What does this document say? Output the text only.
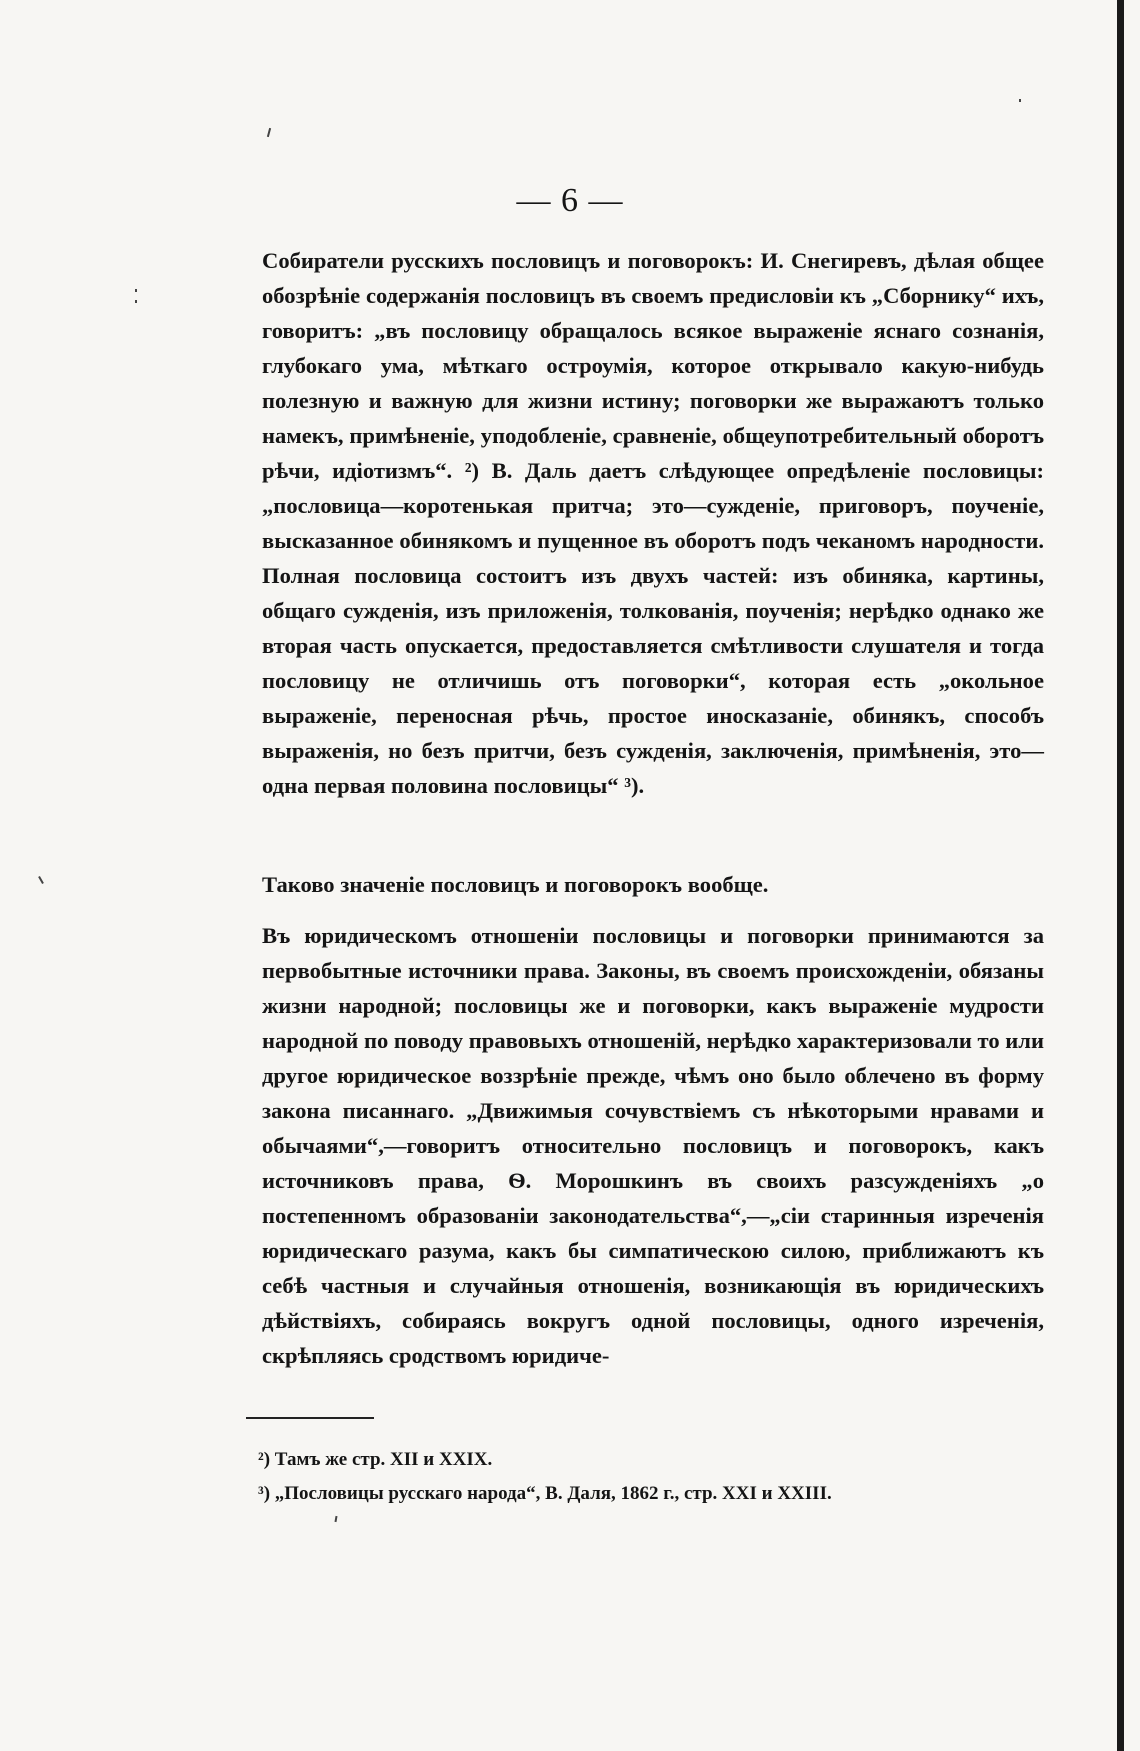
— 6 —

Собиратели русскихъ пословицъ и поговорокъ: И. Снегиревъ, дѣлая общее обозрѣніе содержанія пословицъ въ своемъ предисловіи къ „Сборнику“ ихъ, говоритъ: „въ пословицу обращалось всякое выраженіе яснаго сознанія, глубокаго ума, мѣткаго остроумія, которое открывало какую-нибудь полезную и важную для жизни истину; поговорки же выражаютъ только намекъ, примѣненіе, уподобленіе, сравненіе, общеупотребительный оборотъ рѣчи, идіотизмъ“. ²) В. Даль даетъ слѣдующее опредѣленіе пословицы: „пословица—коротенькая притча; это—сужденіе, приговоръ, поученіе, высказанное обинякомъ и пущенное въ оборотъ подъ чеканомъ народности. Полная пословица состоитъ изъ двухъ частей: изъ обиняка, картины, общаго сужденія, изъ приложенія, толкованія, поученія; нерѣдко однако же вторая часть опускается, предоставляется смѣтливости слушателя и тогда пословицу не отличишь отъ поговорки“, которая есть „окольное выраженіе, переносная рѣчь, простое иносказаніе, обинякъ, способъ выраженія, но безъ притчи, безъ сужденія, заключенія, примѣненія, это—одна первая половина пословицы“ ³).

Таково значеніе пословицъ и поговорокъ вообще.

Въ юридическомъ отношеніи пословицы и поговорки принимаются за первобытные источники права. Законы, въ своемъ происхожденіи, обязаны жизни народной; пословицы же и поговорки, какъ выраженіе мудрости народной по поводу правовыхъ отношеній, нерѣдко характеризовали то или другое юридическое воззрѣніе прежде, чѣмъ оно было облечено въ форму закона писаннаго. „Движимыя сочувствіемъ съ нѣкоторыми нравами и обычаями“,—говоритъ относительно пословицъ и поговорокъ, какъ источниковъ права, Ѳ. Морошкинъ въ своихъ разсужденіяхъ „о постепенномъ образованіи законодательства“,—„сіи старинныя изреченія юридическаго разума, какъ бы симпатическою силою, приближаютъ къ себѣ частныя и случайныя отношенія, возникающія въ юридическихъ дѣйствіяхъ, собираясь вокругъ одной пословицы, одного изреченія, скрѣпляясь сродствомъ юридиче-

²) Тамъ же стр. XII и XXIX.

³) „Пословицы русскаго народа“, В. Даля, 1862 г., стр. XXI и XXIII.
